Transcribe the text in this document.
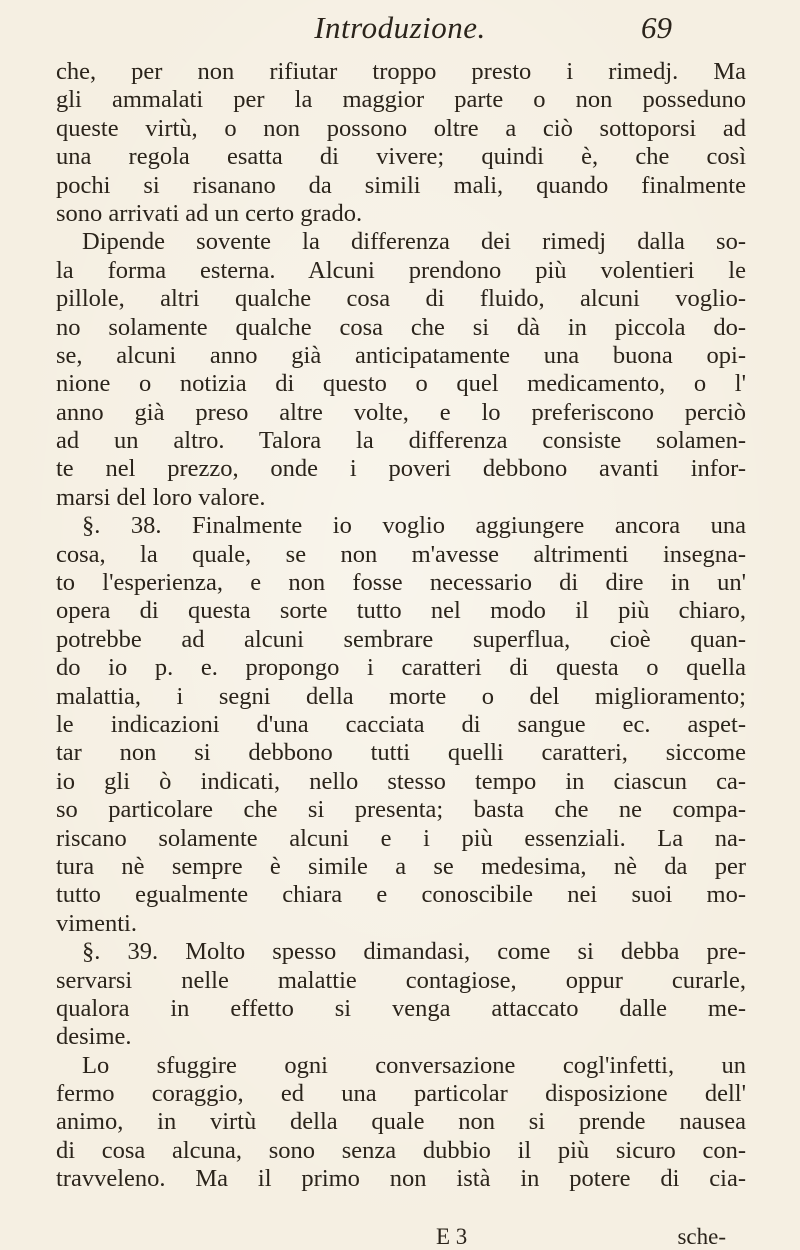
Introduzione.	69
che, per non rifiutar troppo presto i rimedj. Ma
gli ammalati per la maggior parte o non posseduno
queste virtù, o non possono oltre a ciò sottoporsi ad
una regola esatta di vivere; quindi è, che così
pochi si risanano da simili mali, quando finalmente
sono arrivati ad un certo grado.
Dipende sovente la differenza dei rimedj dalla so-
la forma esterna. Alcuni prendono più volentieri le
pillole, altri qualche cosa di fluido, alcuni voglio-
no solamente qualche cosa che si dà in piccola do-
se, alcuni anno già anticipatamente una buona opi-
nione o notizia di questo o quel medicamento, o l'
anno già preso altre volte, e lo preferiscono perciò
ad un altro. Talora la differenza consiste solamen-
te nel prezzo, onde i poveri debbono avanti infor-
marsi del loro valore.
§. 38. Finalmente io voglio aggiungere ancora una
cosa, la quale, se non m'avesse altrimenti insegna-
to l'esperienza, e non fosse necessario di dire in un'
opera di questa sorte tutto nel modo il più chiaro,
potrebbe ad alcuni sembrare superflua, cioè quan-
do io p. e. propongo i caratteri di questa o quella
malattia, i segni della morte o del miglioramento;
le indicazioni d'una cacciata di sangue ec. aspet-
tar non si debbono tutti quelli caratteri, siccome
io gli ò indicati, nello stesso tempo in ciascun ca-
so particolare che si presenta; basta che ne compa-
riscano solamente alcuni e i più essenziali. La na-
tura nè sempre è simile a se medesima, nè da per
tutto egualmente chiara e conoscibile nei suoi mo-
vimenti.
§. 39. Molto spesso dimandasi, come si debba pre-
servarsi nelle malattie contagiose, oppur curarle,
qualora in effetto si venga attaccato dalle me-
desime.
Lo sfuggire ogni conversazione cogl'infetti, un
fermo coraggio, ed una particolar disposizione dell'
animo, in virtù della quale non si prende nausea
di cosa alcuna, sono senza dubbio il più sicuro con-
travveleno. Ma il primo non istà in potere di cia-
E 3	sche-
